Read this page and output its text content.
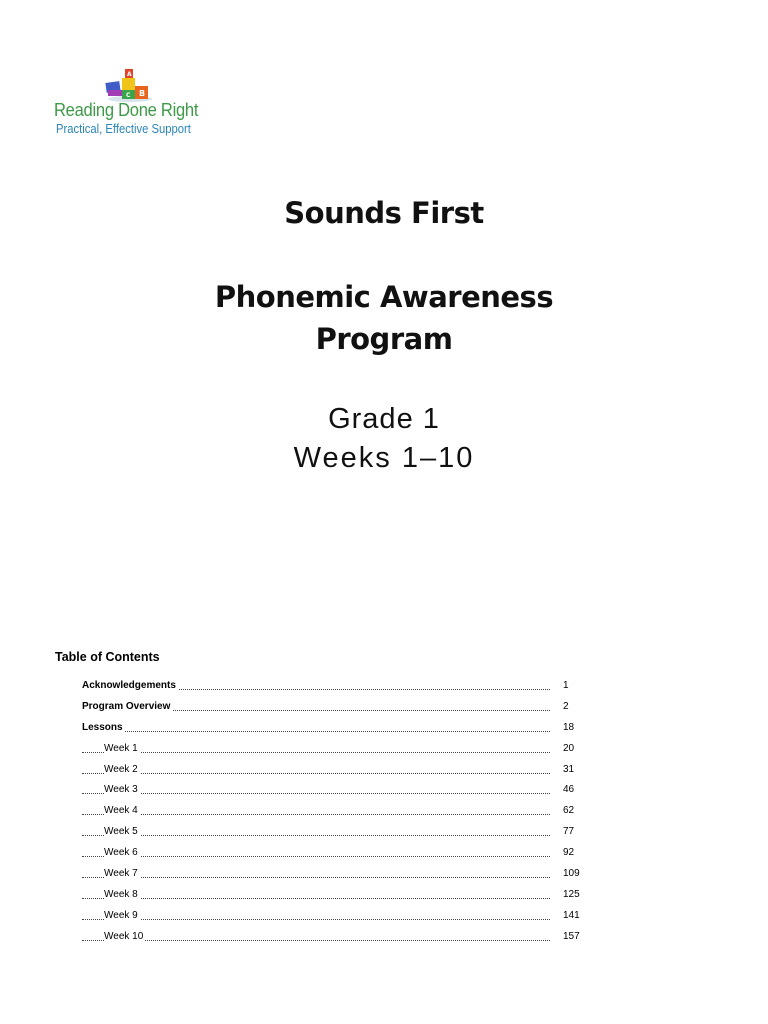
B
A
C
Reading Done Right
Practical, Effective Support
Sounds First
Phonemic Awareness
Program
Grade 1
Weeks 1–10
Table of Contents
Acknowledgements	1
Program Overview	2
Lessons	18
Week 1	20
Week 2	31
Week 3	46
Week 4	62
Week 5	77
Week 6	92
Week 7	109
Week 8	125
Week 9	141
Week 10	157
